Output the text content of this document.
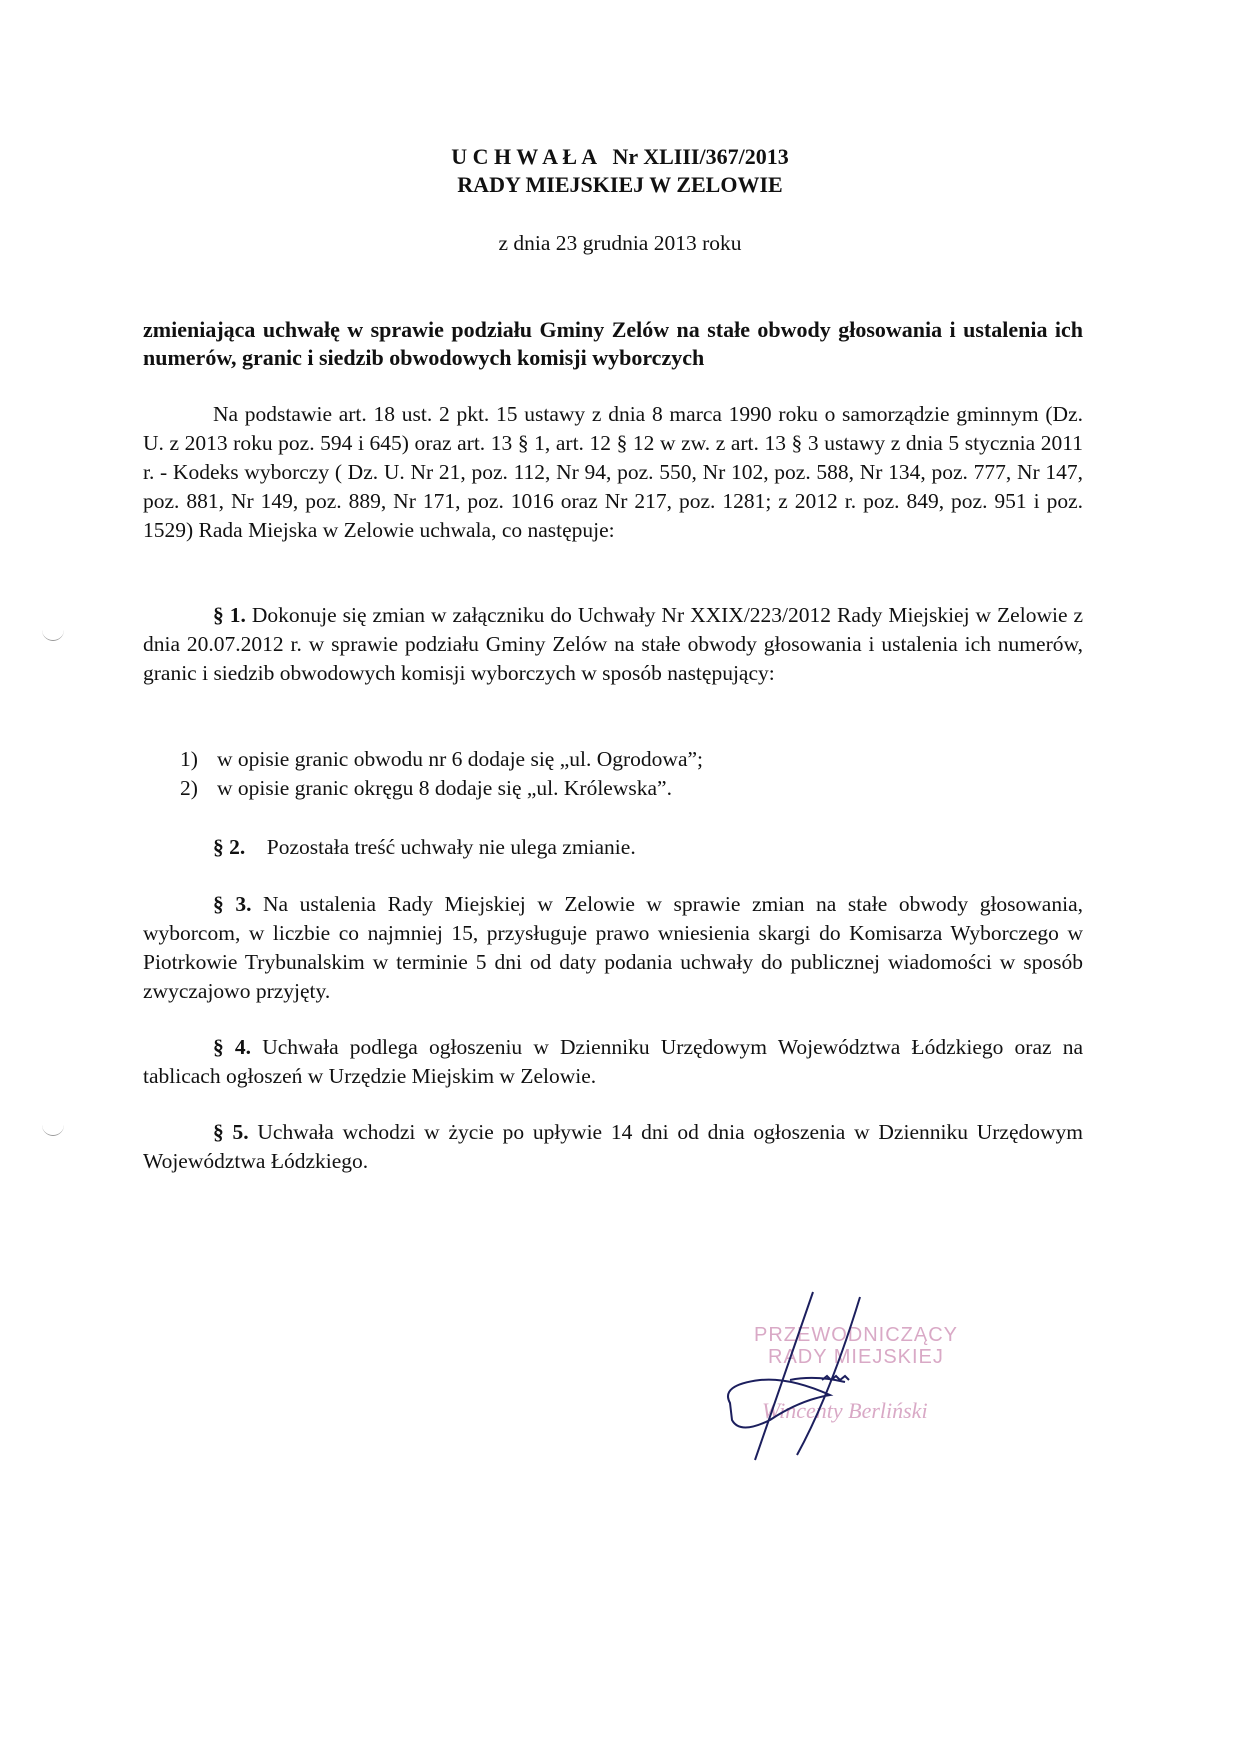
U C H W A Ł A   Nr XLIII/367/2013
RADY MIEJSKIEJ W ZELOWIE
z dnia 23 grudnia 2013 roku
zmieniająca uchwałę w sprawie podziału Gminy Zelów na stałe obwody głosowania i ustalenia ich numerów, granic i siedzib obwodowych komisji wyborczych
Na podstawie art. 18 ust. 2 pkt. 15 ustawy z dnia 8 marca 1990 roku o samorządzie gminnym (Dz. U. z 2013 roku poz. 594 i 645) oraz art. 13 § 1, art. 12 § 12 w zw. z art. 13 § 3 ustawy z dnia 5 stycznia 2011 r. - Kodeks wyborczy ( Dz. U. Nr 21, poz. 112, Nr 94, poz. 550, Nr 102, poz. 588, Nr 134, poz. 777, Nr 147, poz. 881, Nr 149, poz. 889, Nr 171, poz. 1016 oraz Nr 217, poz. 1281; z 2012 r. poz. 849, poz. 951 i poz. 1529) Rada Miejska w Zelowie uchwala, co następuje:
§ 1. Dokonuje się zmian w załączniku do Uchwały Nr XXIX/223/2012 Rady Miejskiej w Zelowie z dnia 20.07.2012 r. w sprawie podziału Gminy Zelów na stałe obwody głosowania i ustalenia ich numerów, granic i siedzib obwodowych komisji wyborczych w sposób następujący:
1) w opisie granic obwodu nr 6 dodaje się „ul. Ogrodowa”;
2) w opisie granic okręgu 8 dodaje się „ul. Królewska”.
§ 2. Pozostała treść uchwały nie ulega zmianie.
§ 3. Na ustalenia Rady Miejskiej w Zelowie w sprawie zmian na stałe obwody głosowania, wyborcom, w liczbie co najmniej 15, przysługuje prawo wniesienia skargi do Komisarza Wyborczego w Piotrkowie Trybunalskim w terminie 5 dni od daty podania uchwały do publicznej wiadomości w sposób zwyczajowo przyjęty.
§ 4. Uchwała podlega ogłoszeniu w Dzienniku Urzędowym Województwa Łódzkiego oraz na tablicach ogłoszeń w Urzędzie Miejskim w Zelowie.
§ 5. Uchwała wchodzi w życie po upływie 14 dni od dnia ogłoszenia w Dzienniku Urzędowym Województwa Łódzkiego.
PRZEWODNICZĄCY
RADY MIEJSKIEJ
Wincenty Berliński
